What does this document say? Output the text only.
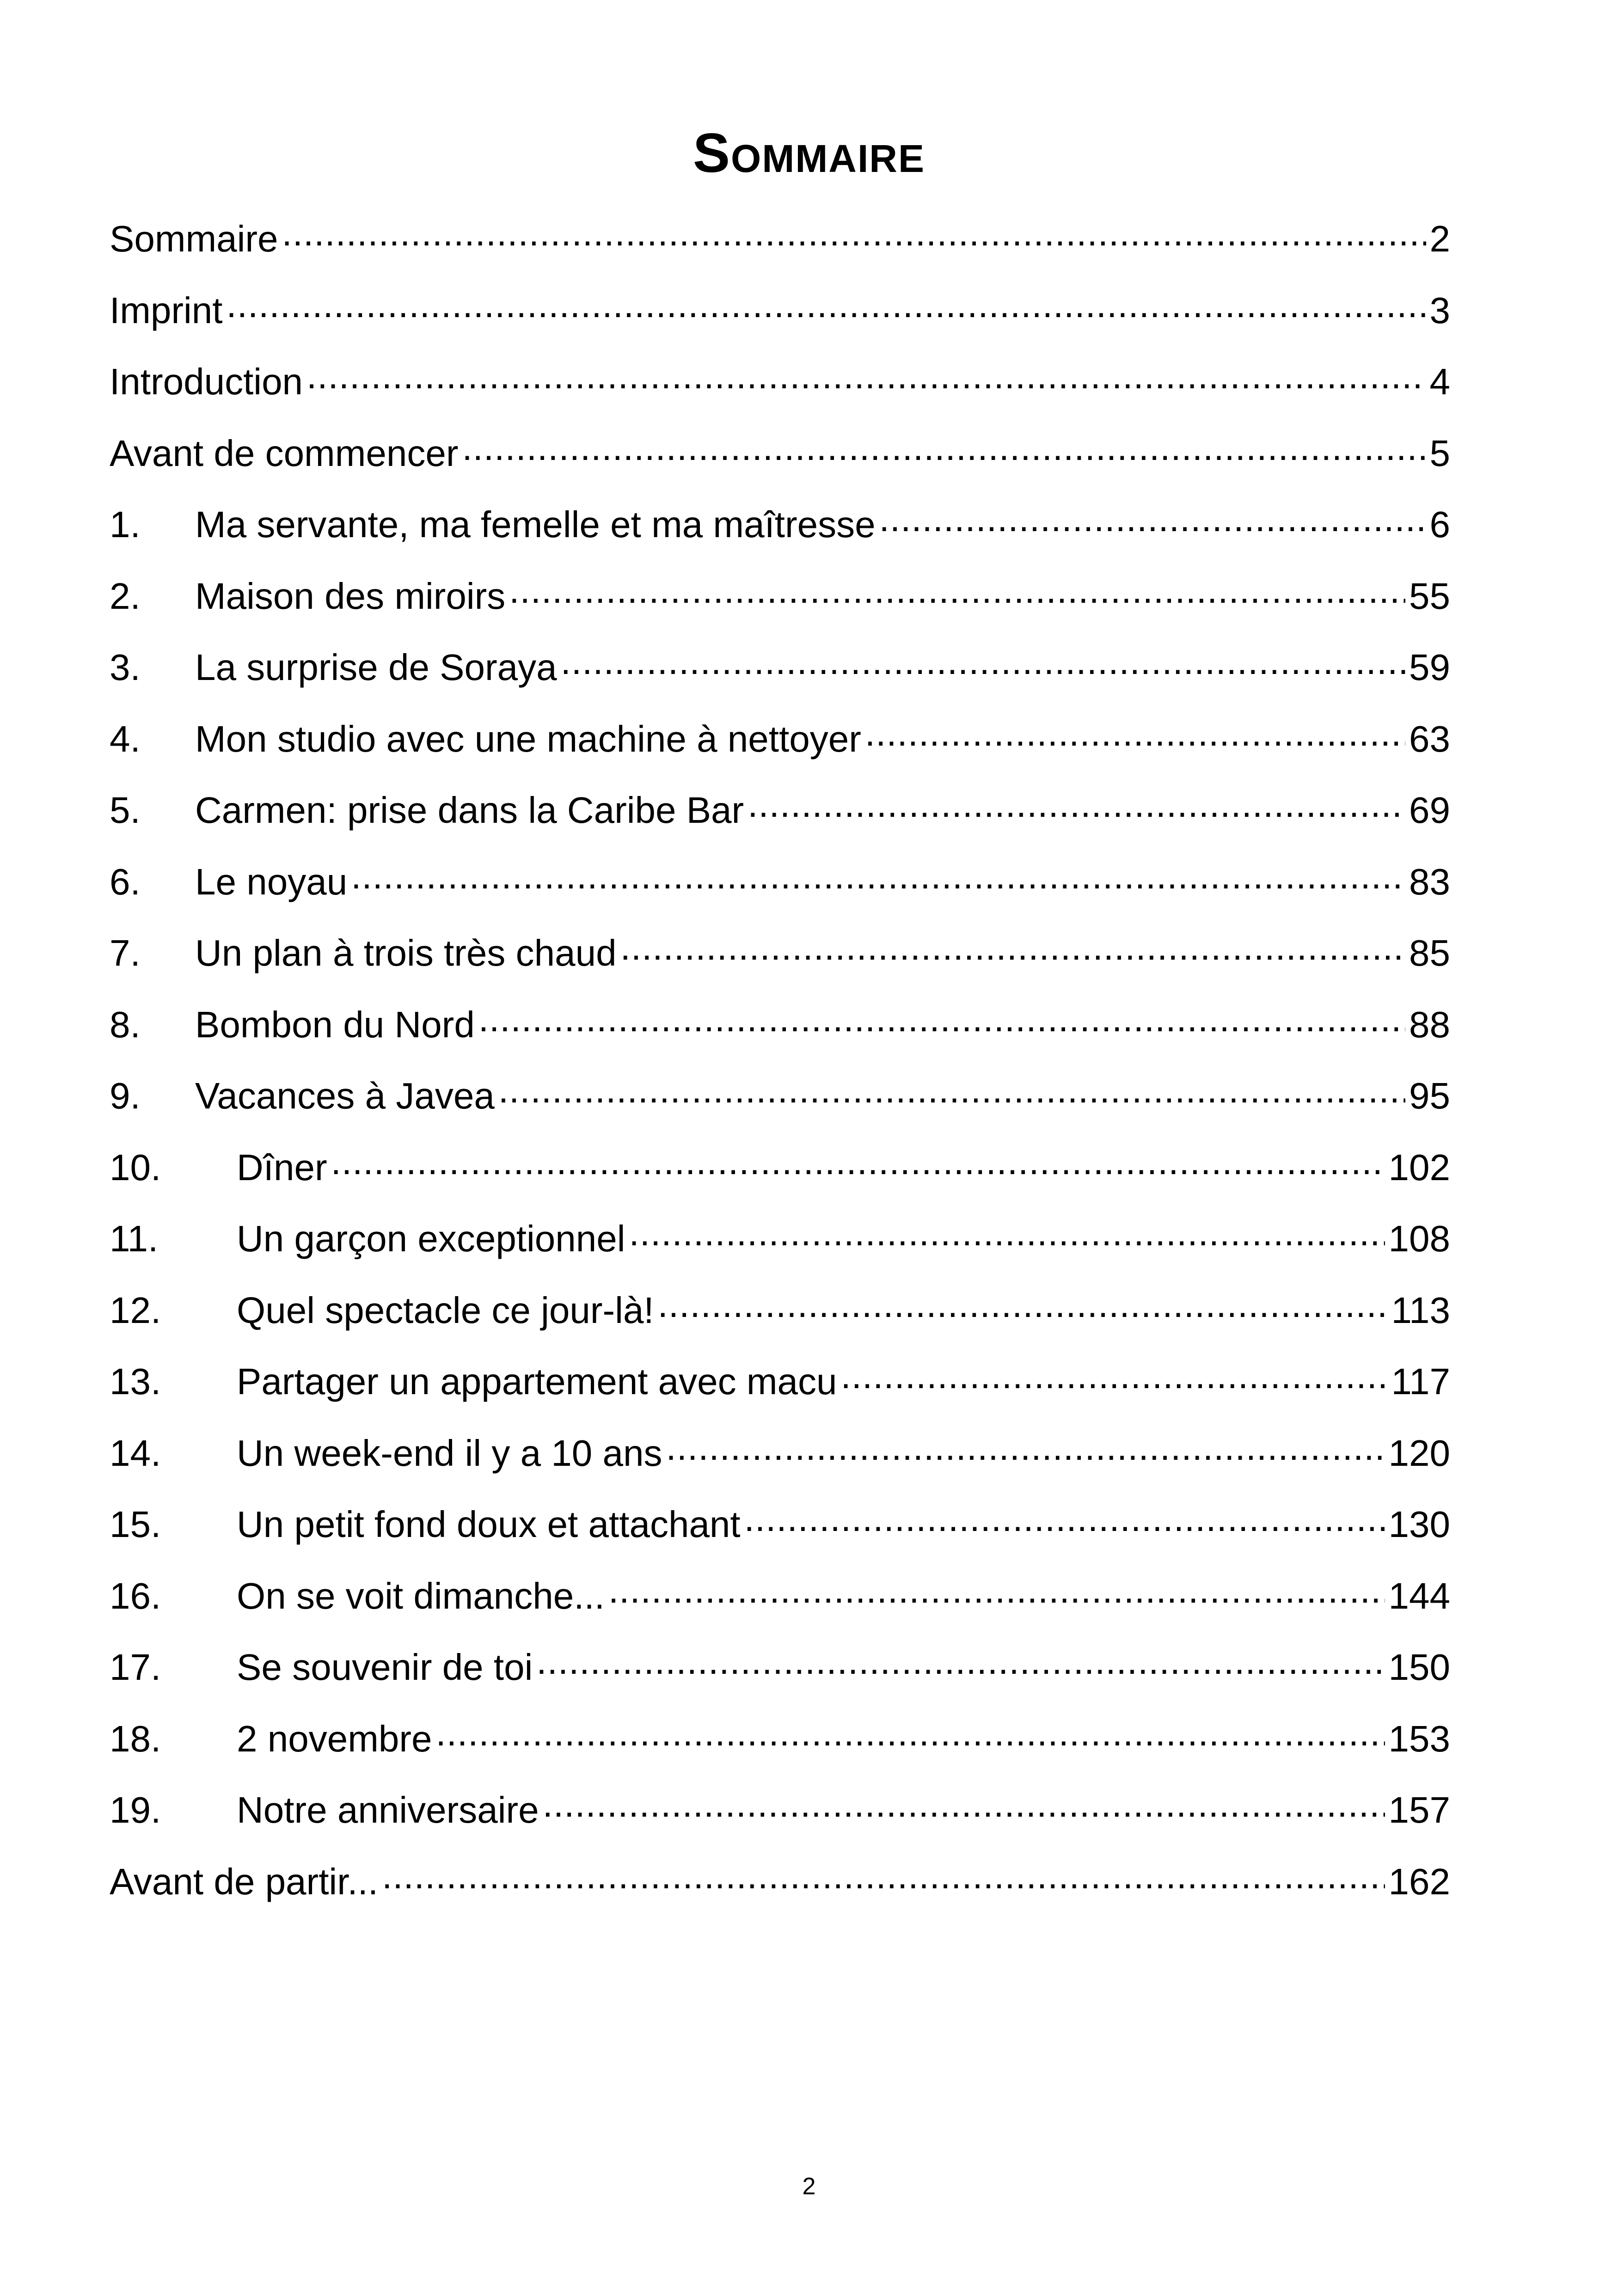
Sommaire
Sommaire .....	2
Imprint .....	3
Introduction .....	4
Avant de commencer .....	5
1.	Ma servante, ma femelle et ma maîtresse .....	6
2.	Maison des miroirs .....	55
3.	La surprise de Soraya .....	59
4.	Mon studio avec une machine à nettoyer .....	63
5.	Carmen: prise dans la Caribe Bar .....	69
6.	Le noyau .....	83
7.	Un plan à trois très chaud .....	85
8.	Bombon du Nord .....	88
9.	Vacances à Javea .....	95
10.	Dîner .....	102
11.	Un garçon exceptionnel .....	108
12.	Quel spectacle ce jour-là! .....	113
13.	Partager un appartement avec macu .....	117
14.	Un week-end il y a 10 ans .....	120
15.	Un petit fond doux et attachant .....	130
16.	On se voit dimanche... .....	144
17.	Se souvenir de toi .....	150
18.	2 novembre .....	153
19.	Notre anniversaire .....	157
Avant de partir... .....	162
2
